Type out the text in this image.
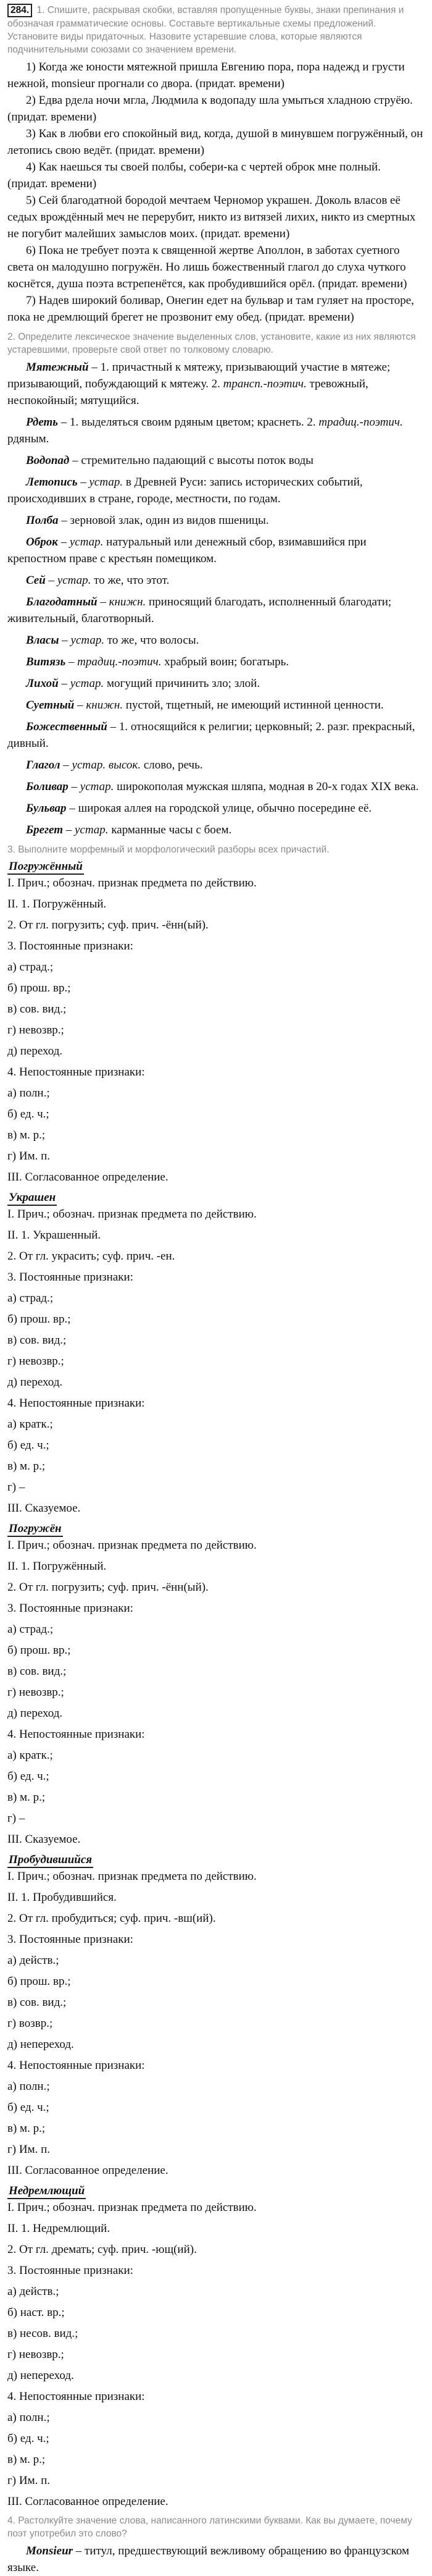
284. 1. Спишите, раскрывая скобки, вставляя пропущенные буквы, знаки препинания и обозначая грамматические основы. Составьте вертикальные схемы предложений. Установите виды придаточных. Назовите устаревшие слова, которые являются подчинительными союзами со значением времени.

1) Когда же юности мятежной пришла Евгению пора, пора надежд и грусти нежной, monsieur прогнали со двора. (придат. времени)

2) Едва рдела ночи мгла, Людмила к водопаду шла умыться хладною струёю. (придат. времени)

3) Как в любви его спокойный вид, когда, душой в минувшем погружённый, он летопись свою ведёт. (придат. времени)

4) Как наешься ты своей полбы, собери-ка с чертей оброк мне полный. (придат. времени)

5) Сей благодатной бородой мечтаем Черномор украшен. Доколь власов её седых врождённый меч не перерубит, никто из витязей лихих, никто из смертных не погубит малейших замыслов моих. (придат. времени)

6) Пока не требует поэта к священной жертве Аполлон, в заботах суетного света он малодушно погружён. Но лишь божественный глагол до слуха чуткого коснётся, душа поэта встрепенётся, как пробудившийся орёл. (придат. времени)

7) Надев широкий боливар, Онегин едет на бульвар и там гуляет на просторе, пока не дремлющий брегет не прозвонит ему обед. (придат. времени)

2. Определите лексическое значение выделенных слов, установите, какие из них являются устаревшими, проверьте свой ответ по толковому словарю.

Мятежный – 1. причастный к мятежу, призывающий участие в мятеже; призывающий, побуждающий к мятежу. 2. трансп.-поэтич. тревожный, неспокойный; мятущийся.

Рдеть – 1. выделяться своим рдяным цветом; краснеть. 2. традиц.-поэтич. рдяным.

Водопад – стремительно падающий с высоты поток воды

Летопись – устар. в Древней Руси: запись исторических событий, происходивших в стране, городе, местности, по годам.

Полба – зерновой злак, один из видов пшеницы.

Оброк – устар. натуральный или денежный сбор, взимавшийся при крепостном праве с крестьян помещиком.

Сей – устар. то же, что этот.

Благодатный – книжн. приносящий благодать, исполненный благодати; живительный, благотворный.

Власы – устар. то же, что волосы.

Витязь – традиц.-поэтич. храбрый воин; богатырь.

Лихой – устар. могущий причинить зло; злой.

Суетный – книжн. пустой, тщетный, не имеющий истинной ценности.

Божественный – 1. относящийся к религии; церковный; 2. разг. прекрасный, дивный.

Глагол – устар. высок. слово, речь.

Боливар – устар. широкополая мужская шляпа, модная в 20-х годах XIX века.

Бульвар – широкая аллея на городской улице, обычно посередине её.

Брегет – устар. карманные часы с боем.

3. Выполните морфемный и морфологический разборы всех причастий.

Погружённый

I. Прич.; обознач. признак предмета по действию.

II. 1. Погружённый.

2. От гл. погрузить; суф. прич. -ённ(ый).

3. Постоянные признаки:

а) страд.;

б) прош. вр.;

в) сов. вид.;

г) невозвр.;

д) переход.

4. Непостоянные признаки:

а) полн.;

б) ед. ч.;

в) м. р.;

г) Им. п.

III. Согласованное определение.

Украшен

I. Прич.; обознач. признак предмета по действию.

II. 1. Украшенный.

2. От гл. украсить; суф. прич. -ен.

3. Постоянные признаки:

а) страд.;

б) прош. вр.;

в) сов. вид.;

г) невозвр.;

д) переход.

4. Непостоянные признаки:

а) кратк.;

б) ед. ч.;

в) м. р.;

г) –

III. Сказуемое.

Погружён

I. Прич.; обознач. признак предмета по действию.

II. 1. Погружённый.

2. От гл. погрузить; суф. прич. -ённ(ый).

3. Постоянные признаки:

а) страд.;

б) прош. вр.;

в) сов. вид.;

г) невозвр.;

д) переход.

4. Непостоянные признаки:

а) кратк.;

б) ед. ч.;

в) м. р.;

г) –

III. Сказуемое.

Пробудившийся

I. Прич.; обознач. признак предмета по действию.

II. 1. Пробудившийся.

2. От гл. пробудиться; суф. прич. -вш(ий).

3. Постоянные признаки:

а) действ.;

б) прош. вр.;

в) сов. вид.;

г) возвр.;

д) непереход.

4. Непостоянные признаки:

а) полн.;

б) ед. ч.;

в) м. р.;

г) Им. п.

III. Согласованное определение.

Недремлющий

I. Прич.; обознач. признак предмета по действию.

II. 1. Недремлющий.

2. От гл. дремать; суф. прич. -ющ(ий).

3. Постоянные признаки:

а) действ.;

б) наст. вр.;

в) несов. вид.;

г) невозвр.;

д) непереход.

4. Непостоянные признаки:

а) полн.;

б) ед. ч.;

в) м. р.;

г) Им. п.

III. Согласованное определение.

4. Растолкуйте значение слова, написанного латинскими буквами. Как вы думаете, почему поэт употребил это слово?

Monsieur – титул, предшествующий вежливому обращению во французском языке.
